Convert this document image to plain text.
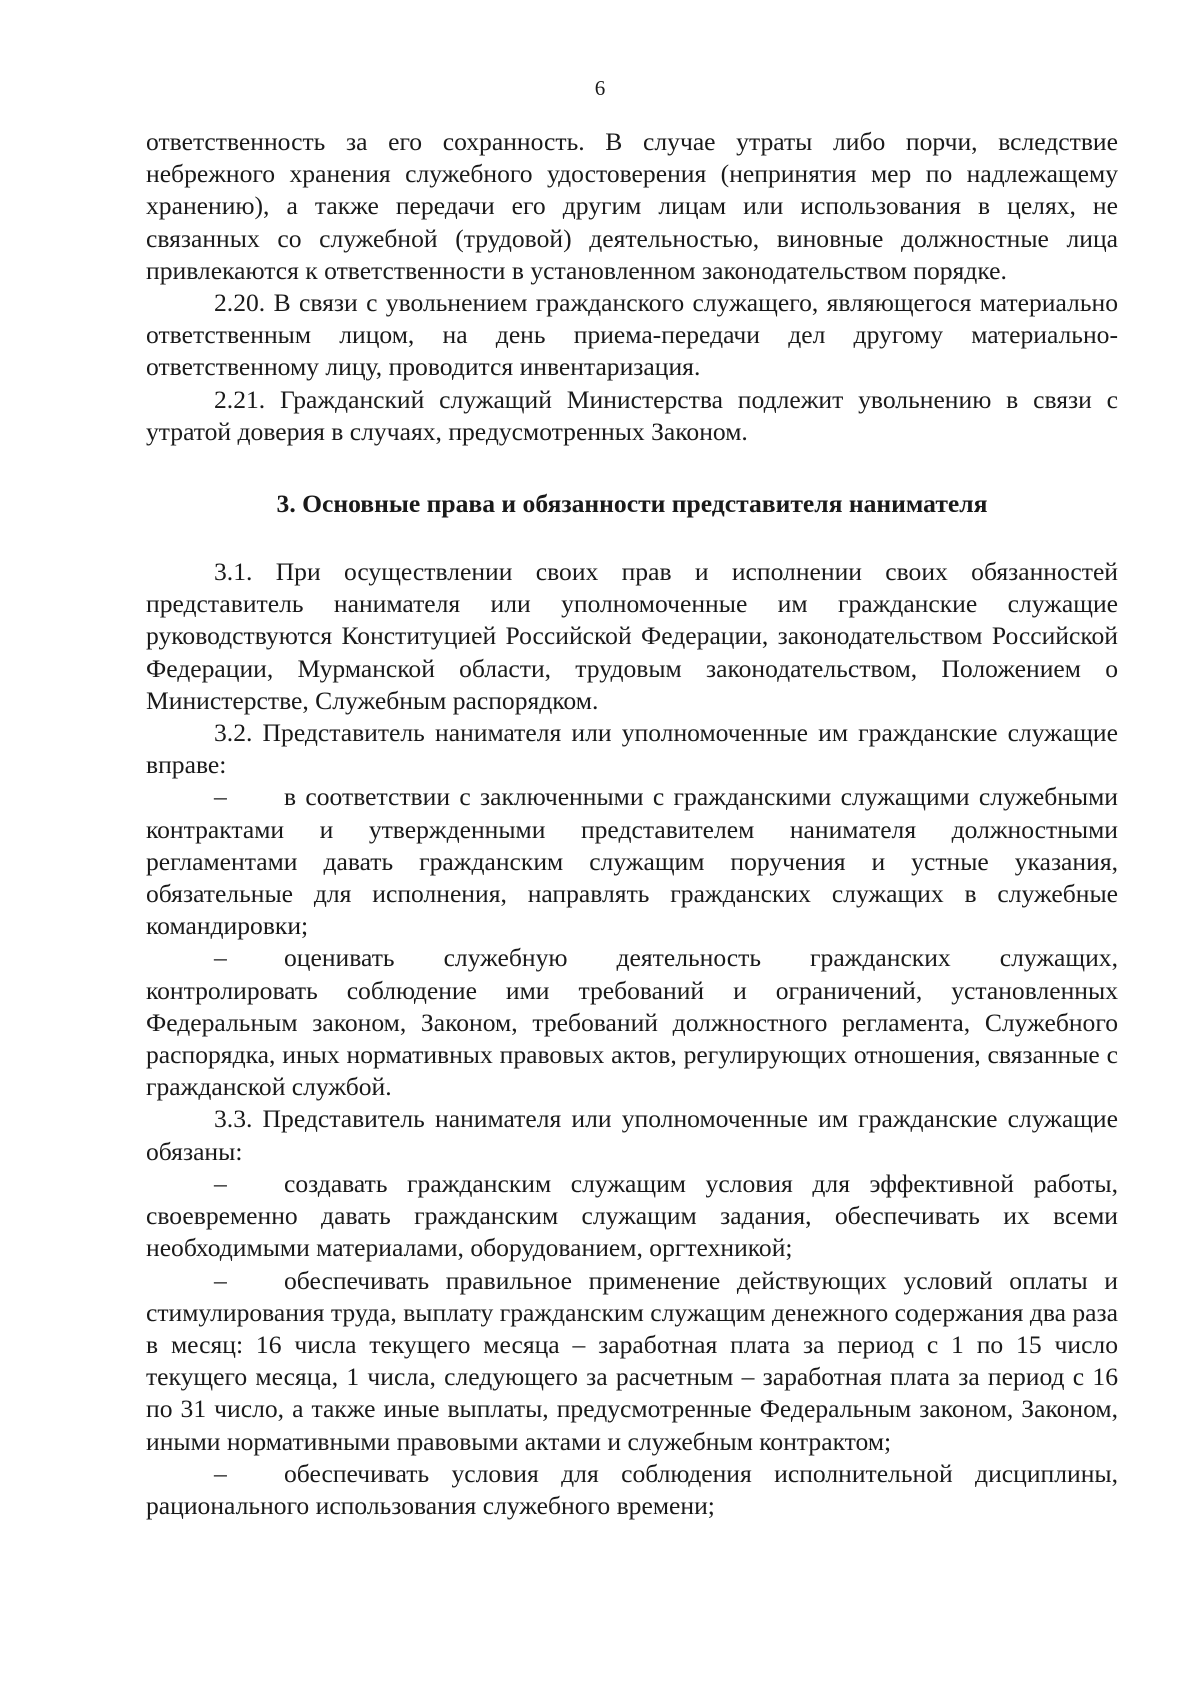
6

ответственность за его сохранность. В случае утраты либо порчи, вследствие небрежного хранения служебного удостоверения (непринятия мер по надлежащему хранению), а также передачи его другим лицам или использования в целях, не связанных со служебной (трудовой) деятельностью, виновные должностные лица привлекаются к ответственности в установленном законодательством порядке.

2.20. В связи с увольнением гражданского служащего, являющегося материально ответственным лицом, на день приема-передачи дел другому материально-ответственному лицу, проводится инвентаризация.

2.21. Гражданский служащий Министерства подлежит увольнению в связи с утратой доверия в случаях, предусмотренных Законом.

3. Основные права и обязанности представителя нанимателя

3.1. При осуществлении своих прав и исполнении своих обязанностей представитель нанимателя или уполномоченные им гражданские служащие руководствуются Конституцией Российской Федерации, законодательством Российской Федерации, Мурманской области, трудовым законодательством, Положением о Министерстве, Служебным распорядком.

3.2. Представитель нанимателя или уполномоченные им гражданские служащие вправе:

– в соответствии с заключенными с гражданскими служащими служебными контрактами и утвержденными представителем нанимателя должностными регламентами давать гражданским служащим поручения и устные указания, обязательные для исполнения, направлять гражданских служащих в служебные командировки;

– оценивать служебную деятельность гражданских служащих, контролировать соблюдение ими требований и ограничений, установленных Федеральным законом, Законом, требований должностного регламента, Служебного распорядка, иных нормативных правовых актов, регулирующих отношения, связанные с гражданской службой.

3.3. Представитель нанимателя или уполномоченные им гражданские служащие обязаны:

– создавать гражданским служащим условия для эффективной работы, своевременно давать гражданским служащим задания, обеспечивать их всеми необходимыми материалами, оборудованием, оргтехникой;

– обеспечивать правильное применение действующих условий оплаты и стимулирования труда, выплату гражданским служащим денежного содержания два раза в месяц: 16 числа текущего месяца – заработная плата за период с 1 по 15 число текущего месяца, 1 числа, следующего за расчетным – заработная плата за период с 16 по 31 число, а также иные выплаты, предусмотренные Федеральным законом, Законом, иными нормативными правовыми актами и служебным контрактом;

– обеспечивать условия для соблюдения исполнительной дисциплины, рационального использования служебного времени;
